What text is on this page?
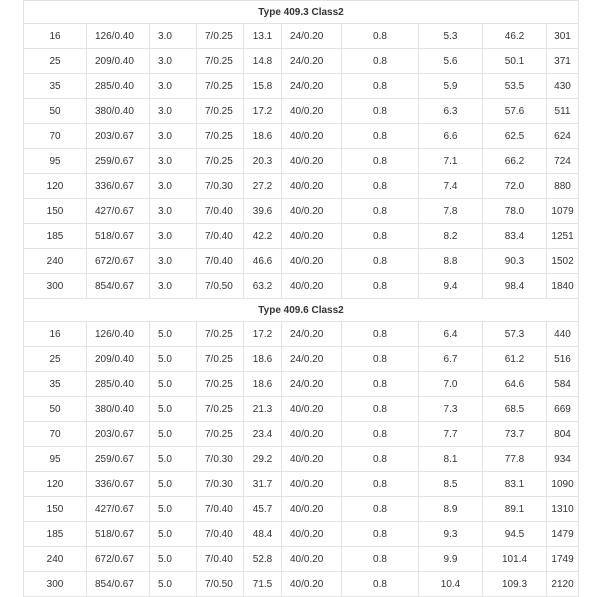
Type 409.3 Class2									
16	126/0.40	3.0	7/0.25	13.1	24/0.20	0.8	5.3	46.2	301
25	209/0.40	3.0	7/0.25	14.8	24/0.20	0.8	5.6	50.1	371
35	285/0.40	3.0	7/0.25	15.8	24/0.20	0.8	5.9	53.5	430
50	380/0.40	3.0	7/0.25	17.2	40/0.20	0.8	6.3	57.6	511
70	203/0.67	3.0	7/0.25	18.6	40/0.20	0.8	6.6	62.5	624
95	259/0.67	3.0	7/0.25	20.3	40/0.20	0.8	7.1	66.2	724
120	336/0.67	3.0	7/0.30	27.2	40/0.20	0.8	7.4	72.0	880
150	427/0.67	3.0	7/0.40	39.6	40/0.20	0.8	7.8	78.0	1079
185	518/0.67	3.0	7/0.40	42.2	40/0.20	0.8	8.2	83.4	1251
240	672/0.67	3.0	7/0.40	46.6	40/0.20	0.8	8.8	90.3	1502
300	854/0.67	3.0	7/0.50	63.2	40/0.20	0.8	9.4	98.4	1840
Type 409.6 Class2									
16	126/0.40	5.0	7/0.25	17.2	24/0.20	0.8	6.4	57.3	440
25	209/0.40	5.0	7/0.25	18.6	24/0.20	0.8	6.7	61.2	516
35	285/0.40	5.0	7/0.25	18.6	24/0.20	0.8	7.0	64.6	584
50	380/0.40	5.0	7/0.25	21.3	40/0.20	0.8	7.3	68.5	669
70	203/0.67	5.0	7/0.25	23.4	40/0.20	0.8	7.7	73.7	804
95	259/0.67	5.0	7/0.30	29.2	40/0.20	0.8	8.1	77.8	934
120	336/0.67	5.0	7/0.30	31.7	40/0.20	0.8	8.5	83.1	1090
150	427/0.67	5.0	7/0.40	45.7	40/0.20	0.8	8.9	89.1	1310
185	518/0.67	5.0	7/0.40	48.4	40/0.20	0.8	9.3	94.5	1479
240	672/0.67	5.0	7/0.40	52.8	40/0.20	0.8	9.9	101.4	1749
300	854/0.67	5.0	7/0.50	71.5	40/0.20	0.8	10.4	109.3	2120
